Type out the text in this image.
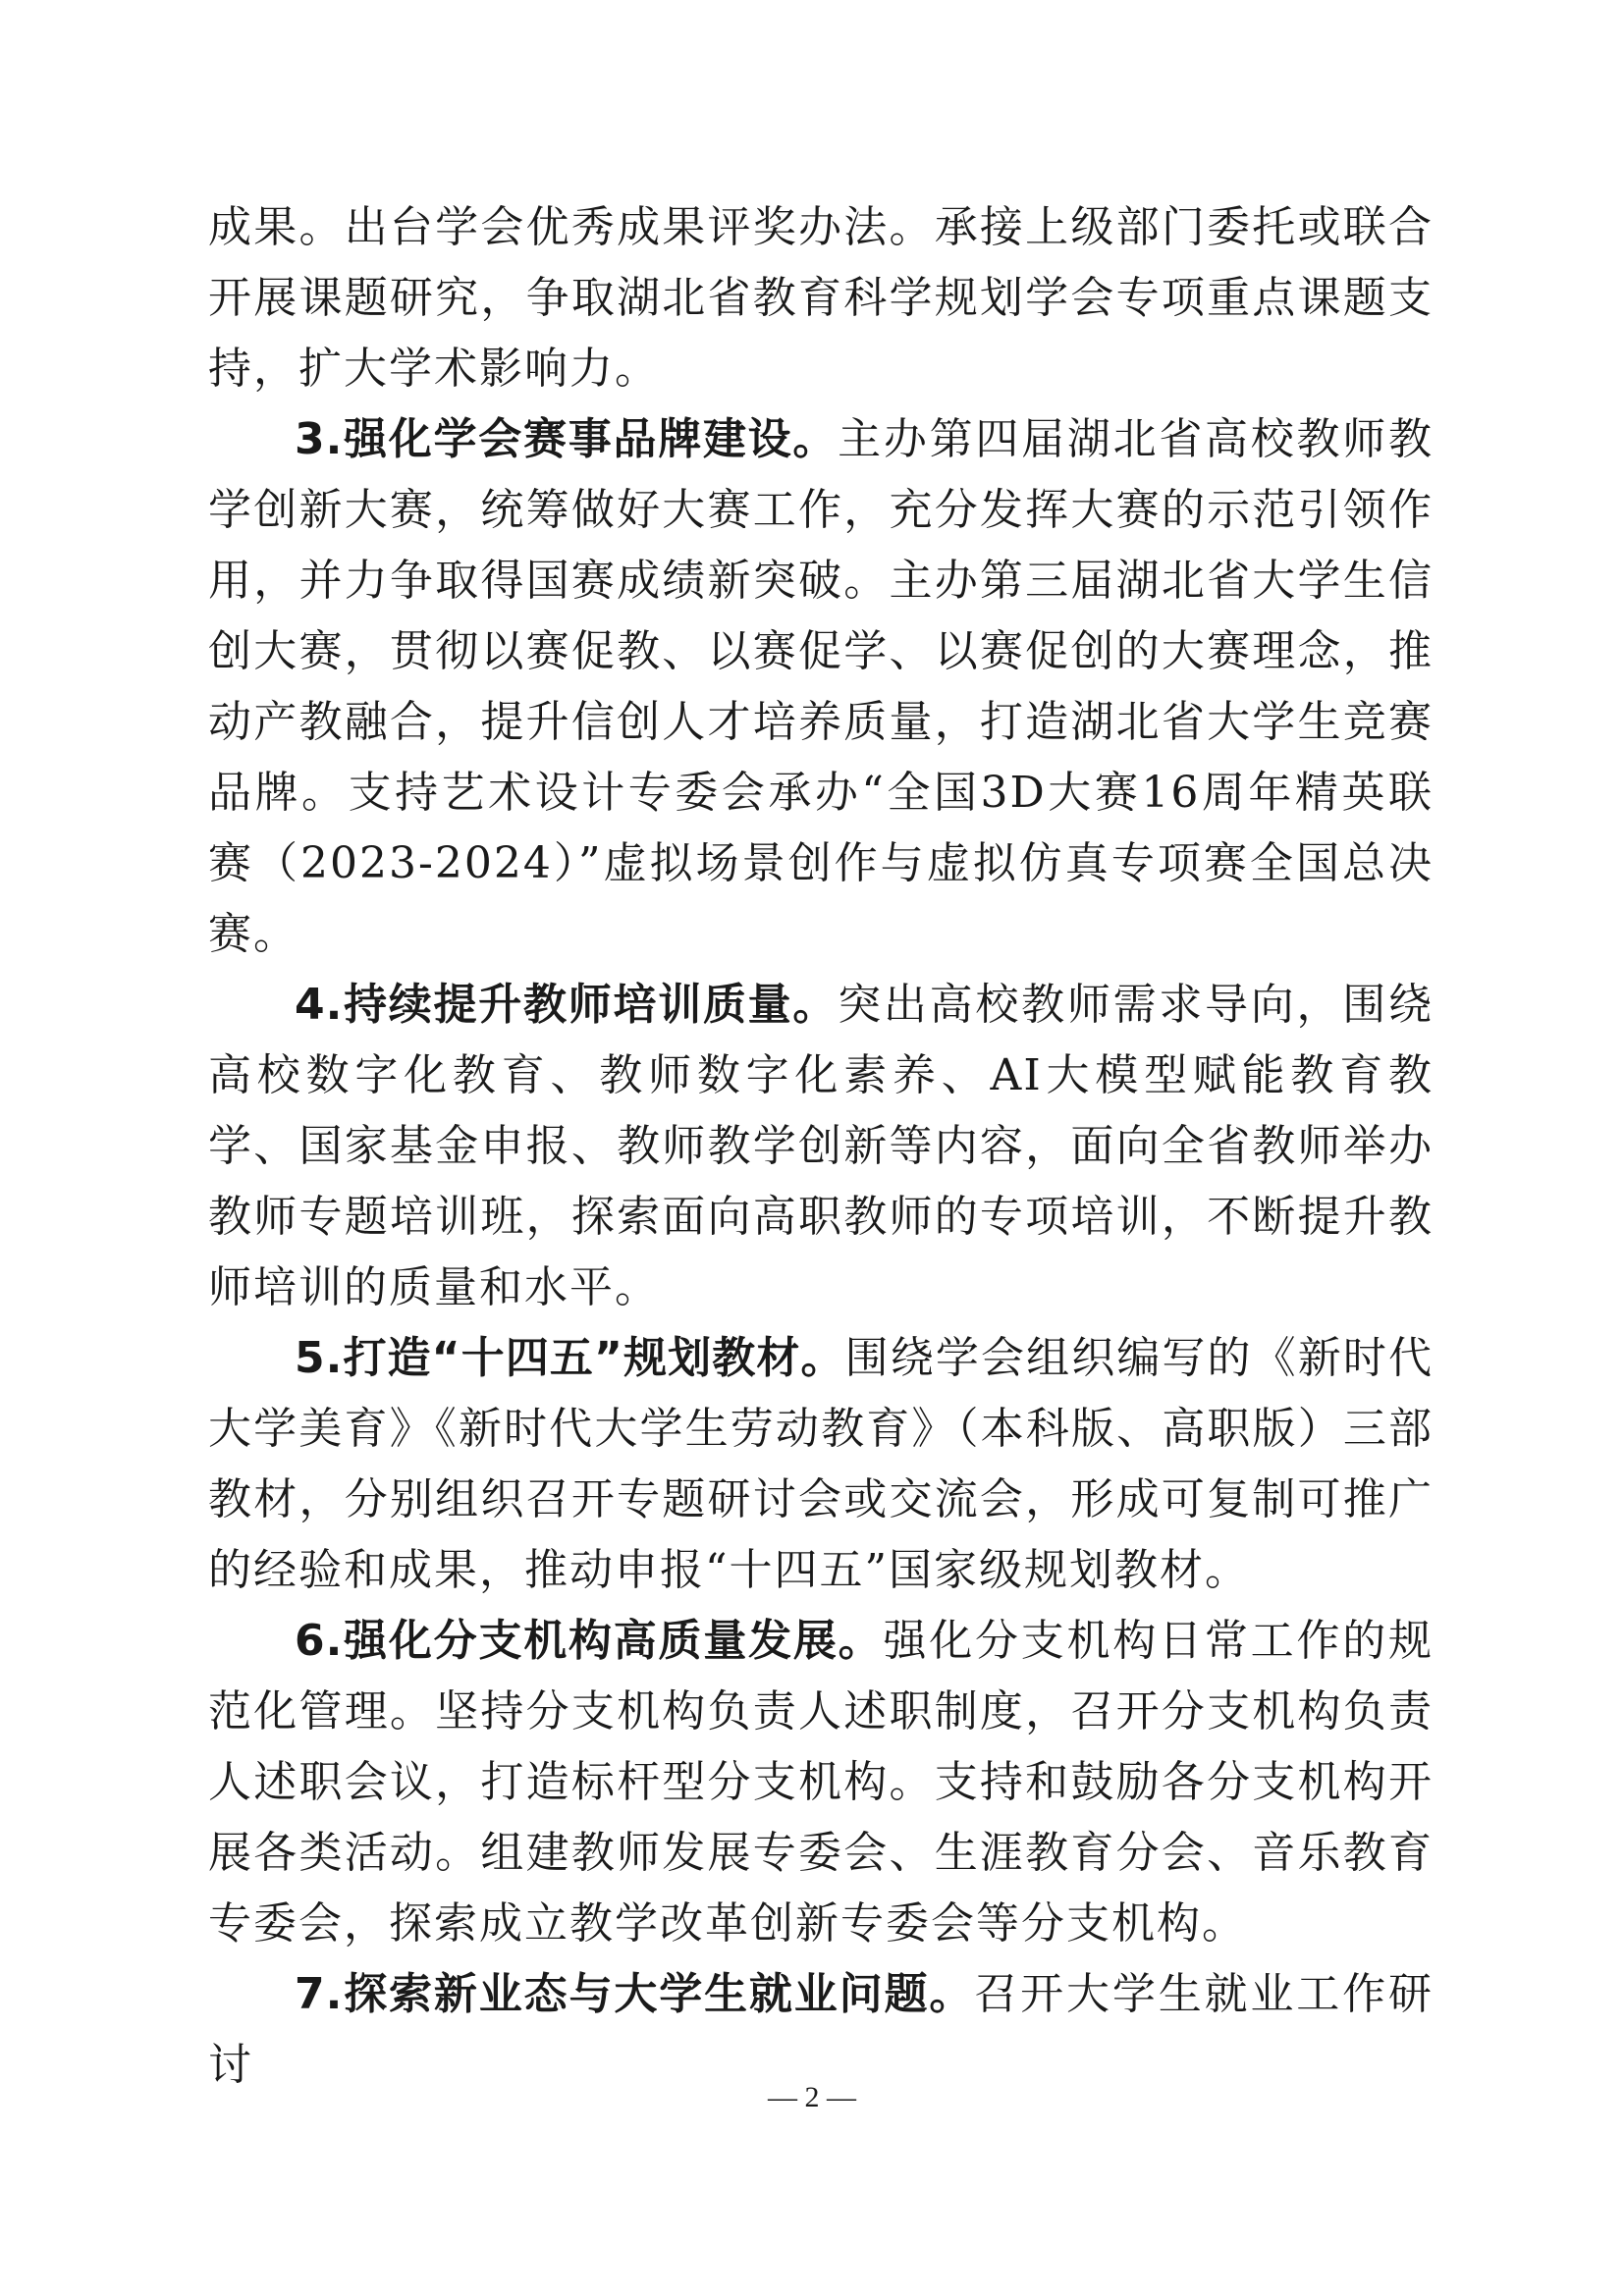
成果。出台学会优秀成果评奖办法。承接上级部门委托或联合开展课题研究，争取湖北省教育科学规划学会专项重点课题支持，扩大学术影响力。

3.强化学会赛事品牌建设。主办第四届湖北省高校教师教学创新大赛，统筹做好大赛工作，充分发挥大赛的示范引领作用，并力争取得国赛成绩新突破。主办第三届湖北省大学生信创大赛，贯彻以赛促教、以赛促学、以赛促创的大赛理念，推动产教融合，提升信创人才培养质量，打造湖北省大学生竞赛品牌。支持艺术设计专委会承办“全国3D大赛16周年精英联赛（2023-2024）”虚拟场景创作与虚拟仿真专项赛全国总决赛。

4.持续提升教师培训质量。突出高校教师需求导向，围绕高校数字化教育、教师数字化素养、AI大模型赋能教育教学、国家基金申报、教师教学创新等内容，面向全省教师举办教师专题培训班，探索面向高职教师的专项培训，不断提升教师培训的质量和水平。

5.打造“十四五”规划教材。围绕学会组织编写的《新时代大学美育》《新时代大学生劳动教育》（本科版、高职版）三部教材，分别组织召开专题研讨会或交流会，形成可复制可推广的经验和成果，推动申报“十四五”国家级规划教材。

6.强化分支机构高质量发展。强化分支机构日常工作的规范化管理。坚持分支机构负责人述职制度，召开分支机构负责人述职会议，打造标杆型分支机构。支持和鼓励各分支机构开展各类活动。组建教师发展专委会、生涯教育分会、音乐教育专委会，探索成立教学改革创新专委会等分支机构。

7.探索新业态与大学生就业问题。召开大学生就业工作研讨

— 2 —
